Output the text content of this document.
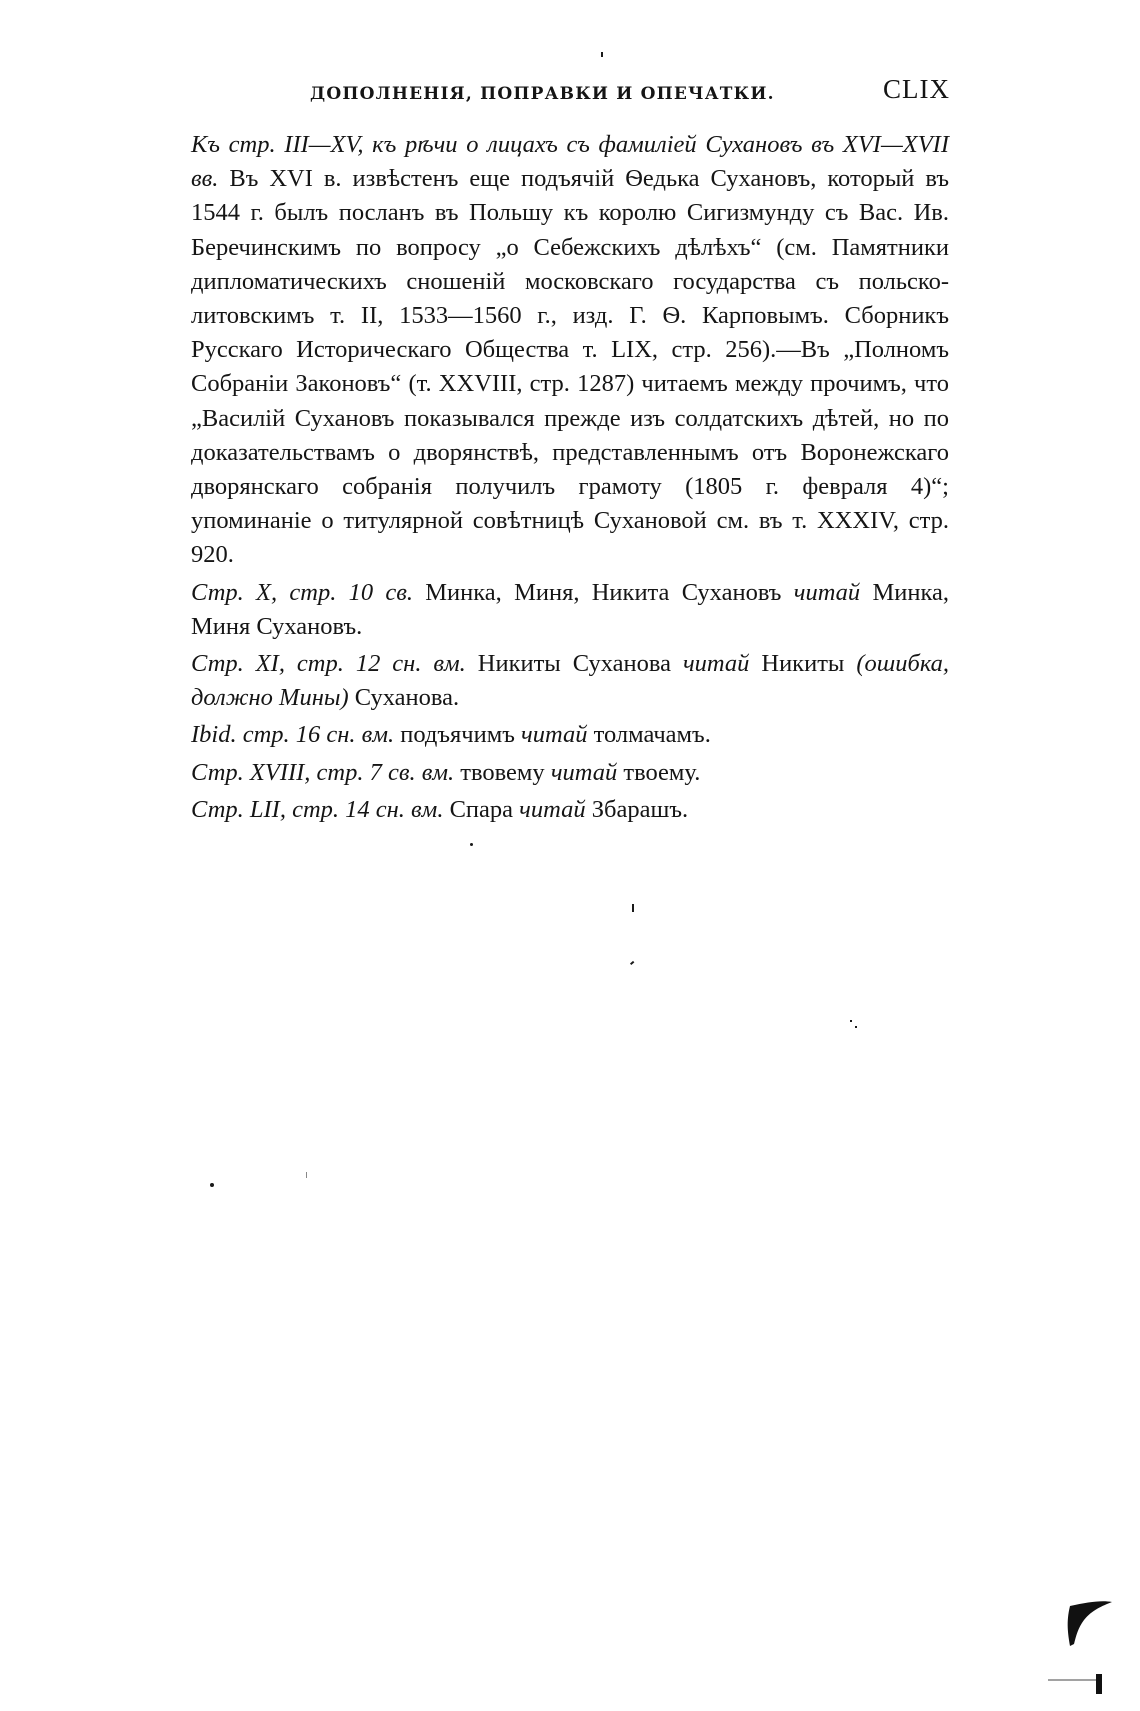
ДОПОЛНЕНІЯ, ПОПРАВКИ И ОПЕЧАТКИ.	CLIX

Къ стр. III—XV, къ рѣчи о лицахъ съ фамиліей Сухановъ въ XVI—XVII вв. Въ XVI в. извѣстенъ еще подъячій Ѳедька Сухановъ, который въ 1544 г. былъ посланъ въ Польшу къ королю Сигизмунду съ Вас. Ив. Беречинскимъ по вопросу „о Себежскихъ дѣлѣхъ“ (см. Памятники дипломатическихъ сношеній московскаго государства съ польско-литовскимъ т. II, 1533—1560 г., изд. Г. Ѳ. Карповымъ. Сборникъ Русскаго Историческаго Общества т. LIX, стр. 256).—Въ „Полномъ Собраніи Законовъ“ (т. XXVIII, стр. 1287) читаемъ между прочимъ, что „Василій Сухановъ показывался прежде изъ солдатскихъ дѣтей, но по доказательствамъ о дворянствѣ, представленнымъ отъ Воронежскаго дворянскаго собранія получилъ грамоту (1805 г. февраля 4)“; упоминаніе о титулярной совѣтницѣ Сухановой см. въ т. XXXIV, стр. 920.

Стр. X, стр. 10 св. Минка, Миня, Никита Сухановъ читай Минка, Миня Сухановъ.

Стр. XI, стр. 12 сн. вм. Никиты Суханова читай Никиты (ошибка, должно Мины) Суханова.

Ibid. стр. 16 сн. вм. подъячимъ читай толмачамъ.

Стр. XVIII, стр. 7 св. вм. твовему читай твоему.

Стр. LII, стр. 14 сн. вм. Спара читай Збарашъ.
